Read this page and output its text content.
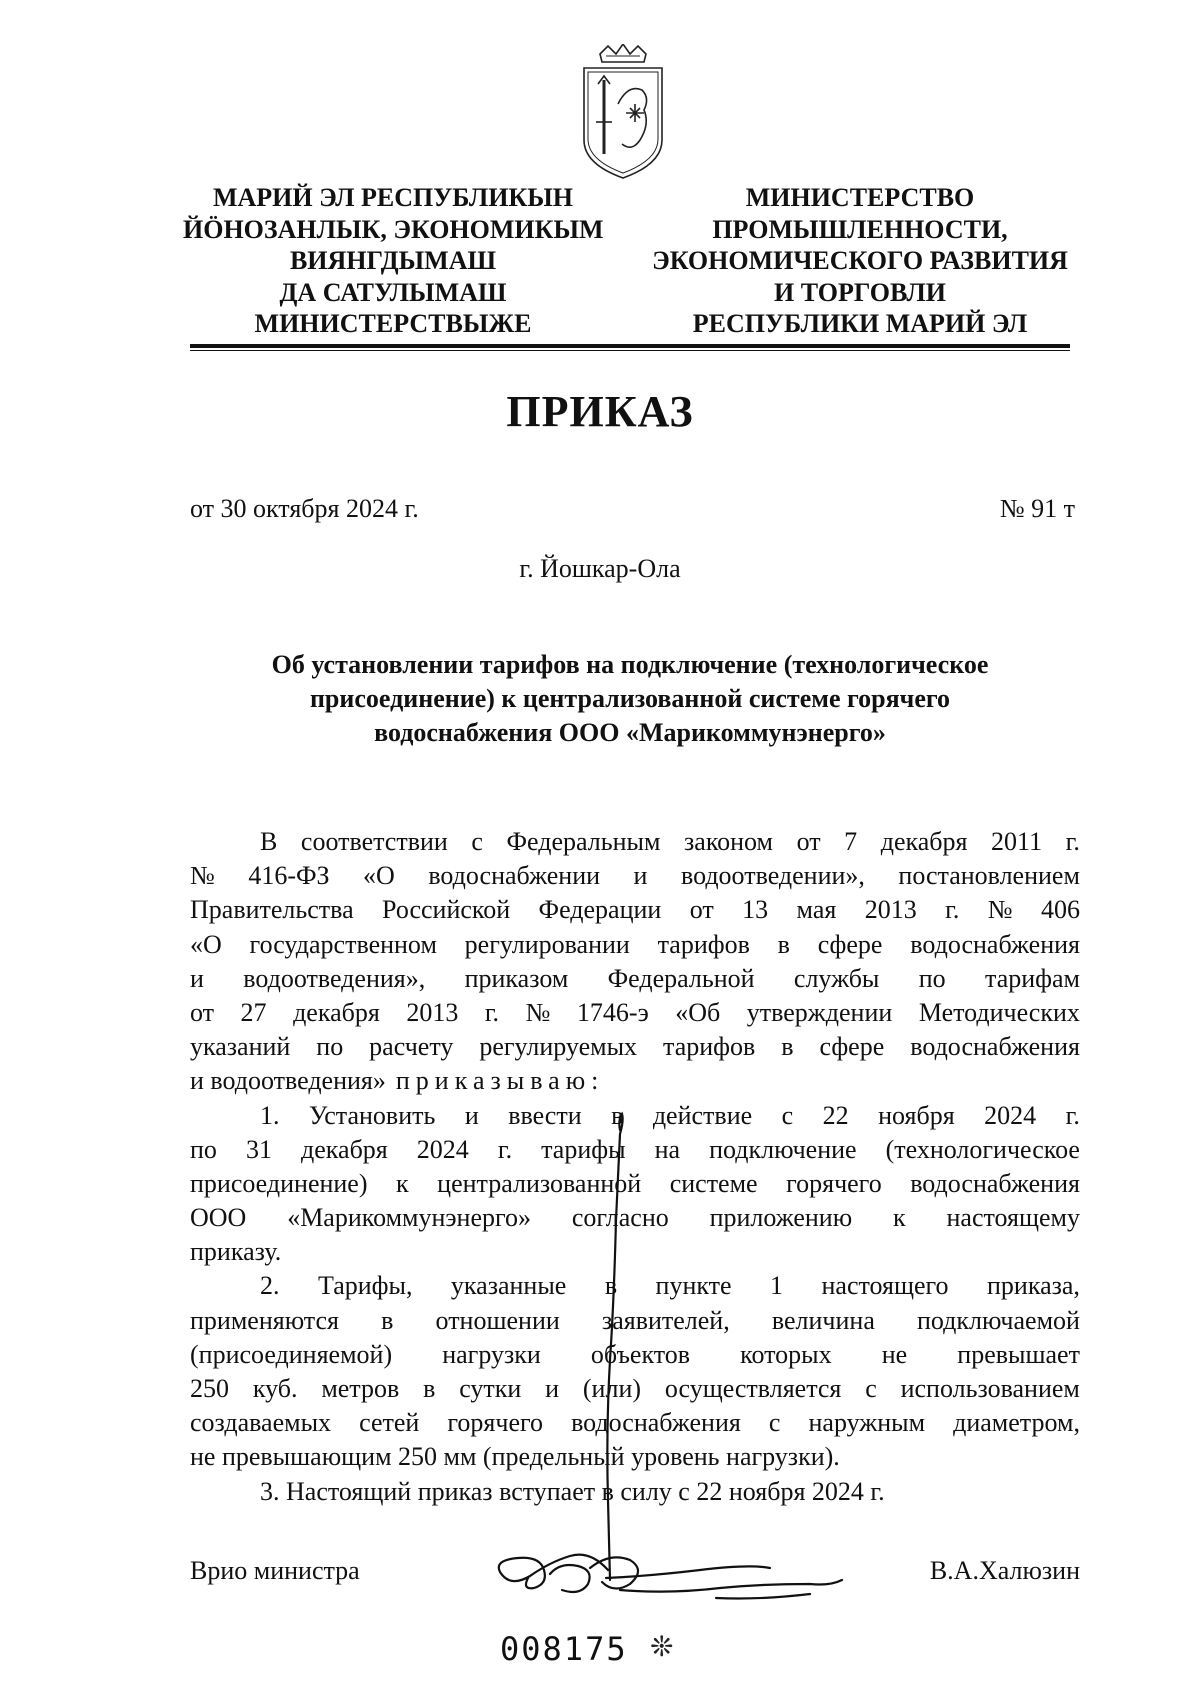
МАРИЙ ЭЛ РЕСПУБЛИКЫН
ЙÖНОЗАНЛЫК, ЭКОНОМИКЫМ
ВИЯНГДЫМАШ
ДА САТУЛЫМАШ
МИНИСТЕРСТВЫЖЕ
МИНИСТЕРСТВО
ПРОМЫШЛЕННОСТИ,
ЭКОНОМИЧЕСКОГО РАЗВИТИЯ
И ТОРГОВЛИ
РЕСПУБЛИКИ МАРИЙ ЭЛ
ПРИКАЗ
от 30 октября 2024 г.	№ 91 т
г. Йошкар-Ола
Об установлении тарифов на подключение (технологическое
присоединение) к централизованной системе горячего
водоснабжения ООО «Марикоммунэнерго»
В соответствии с Федеральным законом от 7 декабря 2011 г.
№ 416-ФЗ «О водоснабжении и водоотведении», постановлением
Правительства Российской Федерации от 13 мая 2013 г. № 406
«О государственном регулировании тарифов в сфере водоснабжения
и водоотведения», приказом Федеральной службы по тарифам
от 27 декабря 2013 г. № 1746-э «Об утверждении Методических
указаний по расчету регулируемых тарифов в сфере водоснабжения
и водоотведения» приказываю:
1. Установить и ввести в действие с 22 ноября 2024 г.
по 31 декабря 2024 г. тарифы на подключение (технологическое
присоединение) к централизованной системе горячего водоснабжения
ООО «Марикоммунэнерго» согласно приложению к настоящему
приказу.
2. Тарифы, указанные в пункте 1 настоящего приказа,
применяются в отношении заявителей, величина подключаемой
(присоединяемой) нагрузки объектов которых не превышает
250 куб. метров в сутки и (или) осуществляется с использованием
создаваемых сетей горячего водоснабжения с наружным диаметром,
не превышающим 250 мм (предельный уровень нагрузки).
3. Настоящий приказ вступает в силу с 22 ноября 2024 г.
Врио министра	В.А.Халюзин
008175 ❊
